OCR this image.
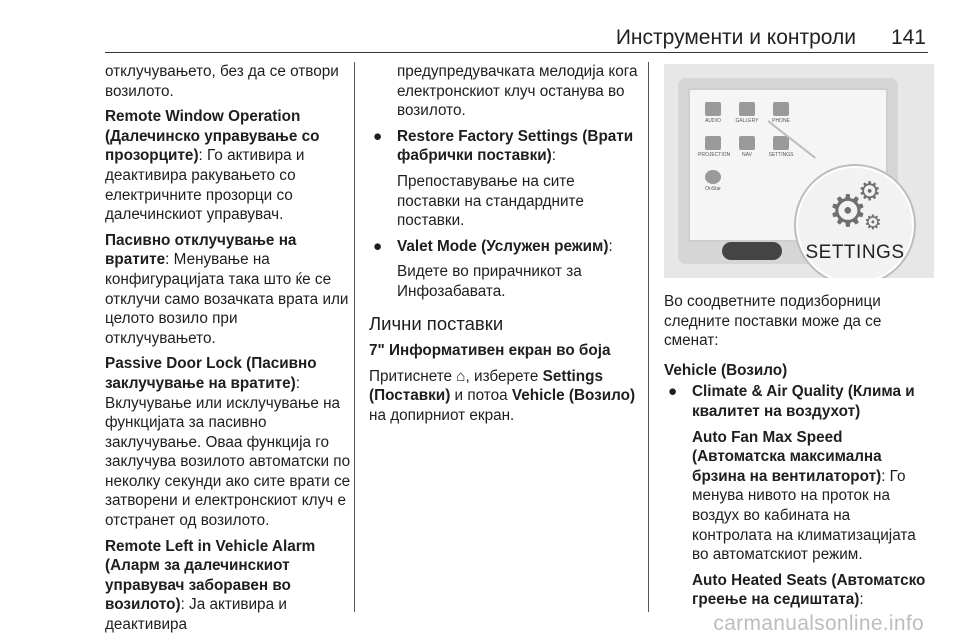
Инструменти и контроли 141

отклучувањето, без да се отвори возилото.

Remote Window Operation (Далечинско управување со прозорците): Го активира и деактивира ракувањето со електричните прозорци со далечинскиот управувач.

Пасивно отклучување на вратите: Менување на конфигурацијата така што ќе се отклучи само возачката врата или целото возило при отклучувањето.

Passive Door Lock (Пасивно заклучување на вратите): Вклучување или исклучување на функцијата за пасивно заклучување. Оваа функција го заклучува возилото автоматски по неколку секунди ако сите врати се затворени и електронскиот клуч е отстранет од возилото.

Remote Left in Vehicle Alarm (Аларм за далечинскиот управувач заборавен во возилото): Ја активира и деактивира

предупредувачката мелодија кога електронскиот клуч останува во возилото.

● Restore Factory Settings (Врати фабрички поставки):

Препоставување на сите поставки на стандардните поставки.

● Valet Mode (Услужен режим):

Видете во прирачникот за Инфозабавата.

Лични поставки
7" Информативен екран во боја

Притиснете ⌂, изберете Settings (Поставки) и потоа Vehicle (Возило) на допирниот екран.

AUDIO	GALLERY	PHONE
PROJECTION	NAV	SETTINGS
OnStar ⚙
⚙
⚙
SETTINGS

Во соодветните подизборници следните поставки може да се сменат:

Vehicle (Возило)
● Climate & Air Quality (Клима и квалитет на воздухот)

Auto Fan Max Speed (Автоматска максимална брзина на вентилаторот): Го менува нивото на проток на воздух во кабината на контролата на климатизацијата во автоматскиот режим.

Auto Heated Seats (Автоматско греење на седиштата):

carmanualsonline.info
